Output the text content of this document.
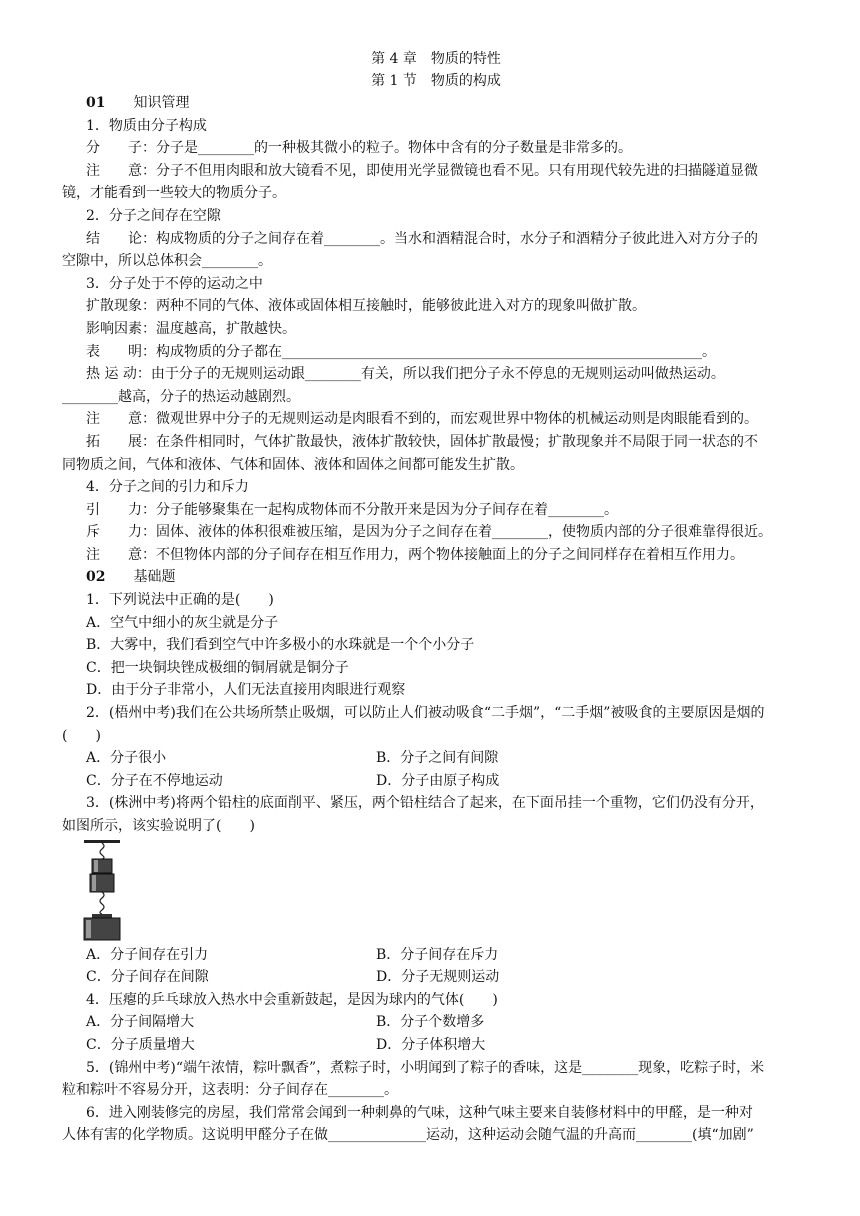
第 4 章　物质的特性
第 1 节　物质的构成

01　　 知识管理

1．物质由分子构成

分　　子：分子是________的一种极其微小的粒子。物体中含有的分子数量是非常多的。

注　　意：分子不但用肉眼和放大镜看不见，即使用光学显微镜也看不见。只有用现代较先进的扫描隧道显微

镜，才能看到一些较大的物质分子。

2．分子之间存在空隙

结　　论：构成物质的分子之间存在着________。当水和酒精混合时，水分子和酒精分子彼此进入对方分子的

空隙中，所以总体积会________。

3．分子处于不停的运动之中

扩散现象：两种不同的气体、液体或固体相互接触时，能够彼此进入对方的现象叫做扩散。

影响因素：温度越高，扩散越快。

表　　明：构成物质的分子都在____________________________________________________________。

热 运 动：由于分子的无规则运动跟________有关，所以我们把分子永不停息的无规则运动叫做热运动。

________越高，分子的热运动越剧烈。

注　　意：微观世界中分子的无规则运动是肉眼看不到的，而宏观世界中物体的机械运动则是肉眼能看到的。

拓　　展：在条件相同时，气体扩散最快，液体扩散较快，固体扩散最慢；扩散现象并不局限于同一状态的不

同物质之间，气体和液体、气体和固体、液体和固体之间都可能发生扩散。

4．分子之间的引力和斥力

引　　力：分子能够聚集在一起构成物体而不分散开来是因为分子间存在着________。

斥　　力：固体、液体的体积很难被压缩，是因为分子之间存在着________，使物质内部的分子很难靠得很近。

注　　意：不但物体内部的分子间存在相互作用力，两个物体接触面上的分子之间同样存在着相互作用力。

02　　 基础题

1．下列说法中正确的是(　　)

A．空气中细小的灰尘就是分子

B．大雾中，我们看到空气中许多极小的水珠就是一个个小分子

C．把一块铜块锉成极细的铜屑就是铜分子

D．由于分子非常小，人们无法直接用肉眼进行观察

2．(梧州中考)我们在公共场所禁止吸烟，可以防止人们被动吸食“二手烟”，“二手烟”被吸食的主要原因是烟的

(　　)

A．分子很小	B．分子之间有间隙
C．分子在不停地运动	D．分子由原子构成

3．(株洲中考)将两个铅柱的底面削平、紧压，两个铅柱结合了起来，在下面吊挂一个重物，它们仍没有分开，

如图所示，该实验说明了(　　)

A．分子间存在引力	B．分子间存在斥力
C．分子间存在间隙	D．分子无规则运动

4．压瘪的乒乓球放入热水中会重新鼓起，是因为球内的气体(　　)

A．分子间隔增大	B．分子个数增多
C．分子质量增大	D．分子体积增大

5．(锦州中考)“端午浓情，粽叶飘香”，煮粽子时，小明闻到了粽子的香味，这是________现象，吃粽子时，米

粒和粽叶不容易分开，这表明：分子间存在________。

6．进入刚装修完的房屋，我们常常会闻到一种刺鼻的气味，这种气味主要来自装修材料中的甲醛，是一种对

人体有害的化学物质。这说明甲醛分子在做______________运动，这种运动会随气温的升高而________(填“加剧”
